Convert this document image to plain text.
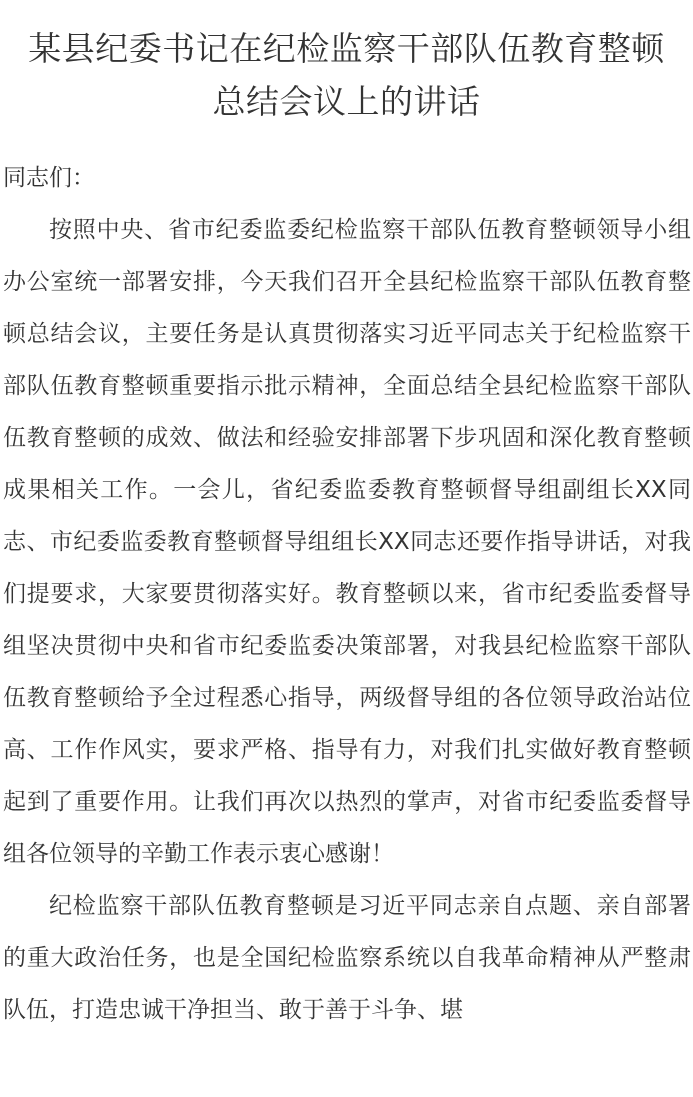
某县纪委书记在纪检监察干部队伍教育整顿
总结会议上的讲话

同志们：

按照中央、省市纪委监委纪检监察干部队伍教育整顿领导小组办公室统一部署安排，今天我们召开全县纪检监察干部队伍教育整顿总结会议，主要任务是认真贯彻落实习近平同志关于纪检监察干部队伍教育整顿重要指示批示精神，全面总结全县纪检监察干部队伍教育整顿的成效、做法和经验安排部署下步巩固和深化教育整顿成果相关工作。一会儿，省纪委监委教育整顿督导组副组长XX同志、市纪委监委教育整顿督导组组长XX同志还要作指导讲话，对我们提要求，大家要贯彻落实好。教育整顿以来，省市纪委监委督导组坚决贯彻中央和省市纪委监委决策部署，对我县纪检监察干部队伍教育整顿给予全过程悉心指导，两级督导组的各位领导政治站位高、工作作风实，要求严格、指导有力，对我们扎实做好教育整顿起到了重要作用。让我们再次以热烈的掌声，对省市纪委监委督导组各位领导的辛勤工作表示衷心感谢！

纪检监察干部队伍教育整顿是习近平同志亲自点题、亲自部署的重大政治任务，也是全国纪检监察系统以自我革命精神从严整肃队伍，打造忠诚干净担当、敢于善于斗争、堪
